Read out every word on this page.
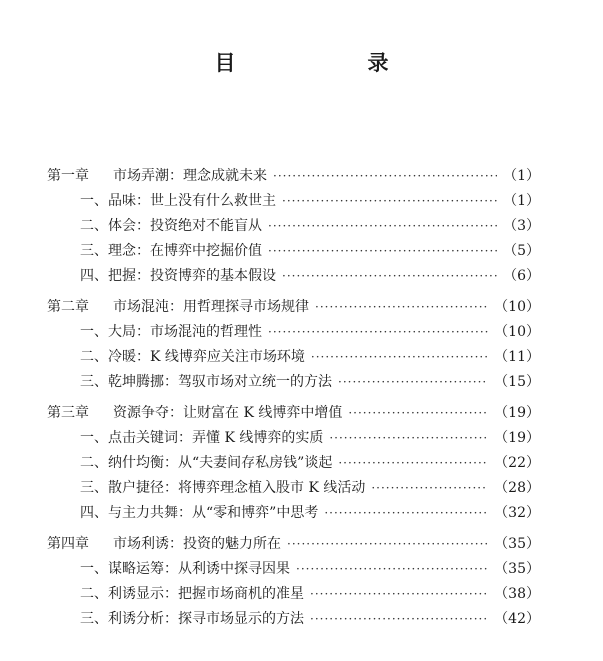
目　　录
第一章	市场弄潮：理念成就未来 ·····	（1）
一、品味：世上没有什么救世主 ·····	（1）
二、体会：投资绝对不能盲从 ·····	（3）
三、理念：在博弈中挖掘价值 ·····	（5）
四、把握：投资博弈的基本假设 ·····	（6）
第二章	市场混沌：用哲理探寻市场规律 ·····	（10）
一、大局：市场混沌的哲理性 ·····	（10）
二、冷暖：K 线博弈应关注市场环境 ·····	（11）
三、乾坤腾挪：驾驭市场对立统一的方法 ·····	（15）
第三章	资源争夺：让财富在 K 线博弈中增值 ·····	（19）
一、点击关键词：弄懂 K 线博弈的实质 ·····	（19）
二、纳什均衡：从“夫妻间存私房钱”谈起 ·····	（22）
三、散户捷径：将博弈理念植入股市 K 线活动 ·····	（28）
四、与主力共舞：从“零和博弈”中思考 ·····	（32）
第四章	市场利诱：投资的魅力所在 ·····	（35）
一、谋略运筹：从利诱中探寻因果 ·····	（35）
二、利诱显示：把握市场商机的准星 ·····	（38）
三、利诱分析：探寻市场显示的方法 ·····	（42）
